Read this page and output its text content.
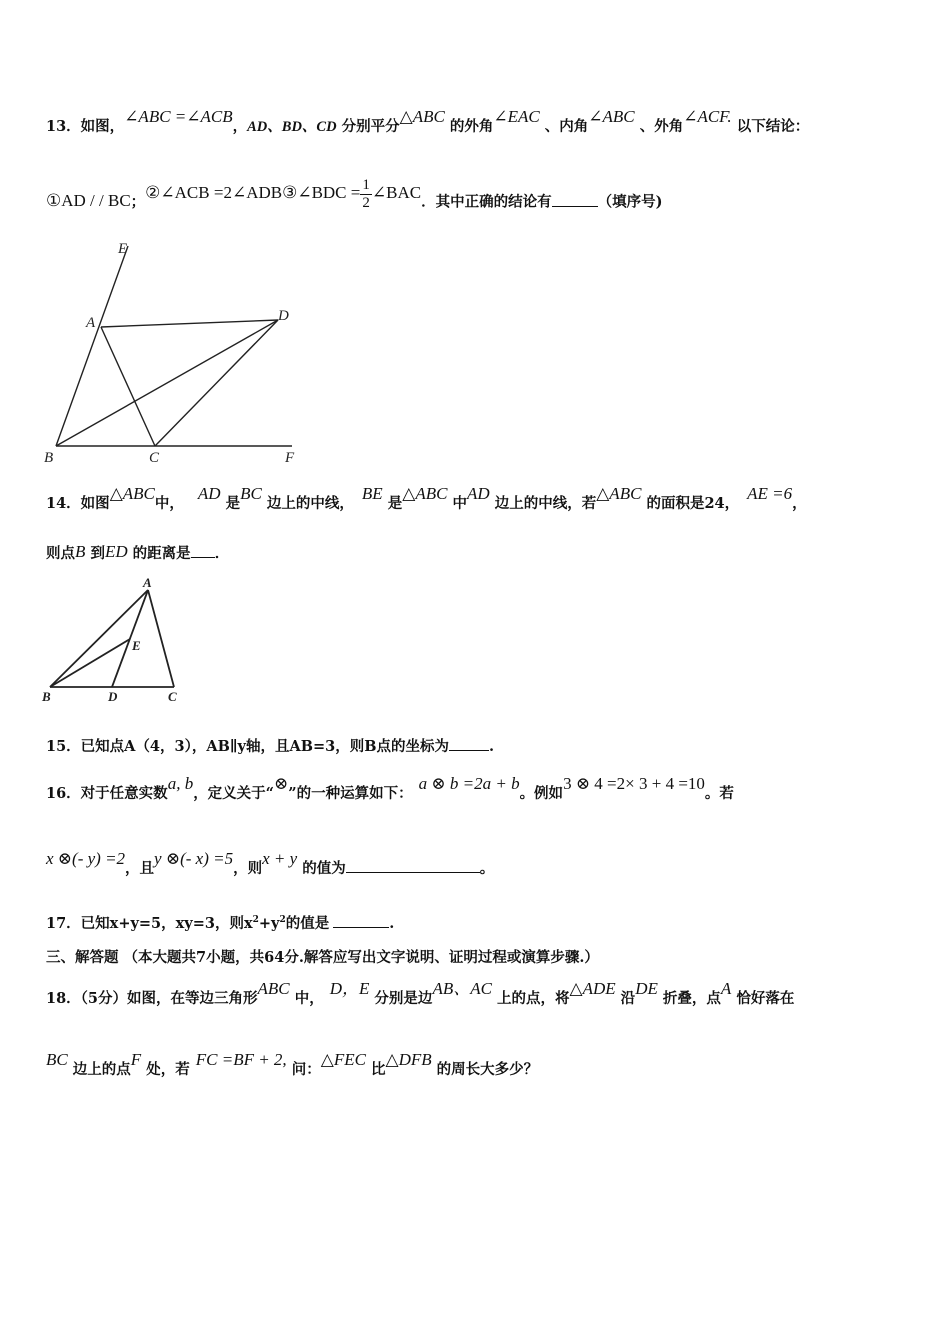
13．如图，∠ABC =∠ACB，AD、BD、CD 分别平分△ABC 的外角∠EAC 、内角∠ABC 、外角∠ACF. 以下结论：
①AD / / BC；②∠ACB =2∠ADB③∠BDC = $\frac{1}{2}$ ∠BAC．其中正确的结论有	（填序号)
E
A	D
B	C	F
14．如图△ABC中，AD 是BC 边上的中线，BE 是△ABC 中AD 边上的中线，若△ABC 的面积是24，AE =6，
则点B 到ED 的距离是 ．
A
E
B	D	C
15．已知点A（4，3），AB∥y轴，且AB=3，则B点的坐标为	.
16．对于任意实数a, b，定义关于“⊗”的一种运算如下：a ⊗ b =2a + b。例如3 ⊗ 4 =2× 3 + 4 =10。若
x ⊗(- y) =2，且y ⊗(- x) =5，则x + y 的值为	。
17．已知x+y=5，xy=3，则$x^2+y^2$的值是	.
三、解答题 （本大题共7小题，共64分.解答应写出文字说明、证明过程或演算步骤.）
18．（5分）如图，在等边三角形ABC 中，D，E 分别是边AB、AC 上的点，将△ADE 沿DE 折叠，点A 恰好落在
BC 边上的点F 处，若FC =BF + 2, 问：△FEC 比△DFB 的周长大多少？
